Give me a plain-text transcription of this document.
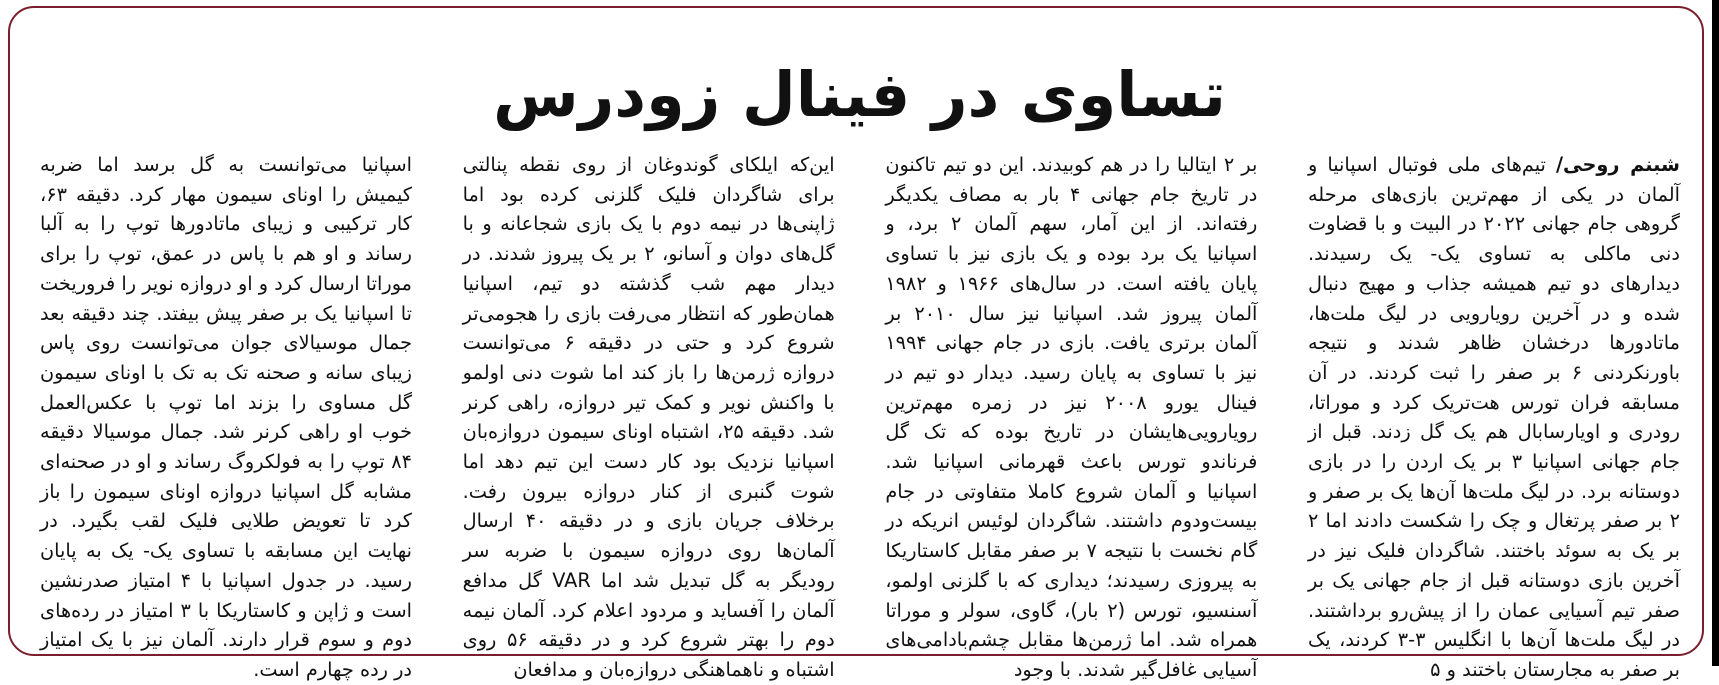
تساوی در فینال زودرس

شبنم روحی/ تیم‌های ملی فوتبال اسپانیا و آلمان در یکی از مهم‌ترین بازی‌های مرحله گروهی جام جهانی ۲۰۲۲ در البیت و با قضاوت دنی ماکلی به تساوی یک- یک رسیدند. دیدارهای دو تیم همیشه جذاب و مهیج دنبال شده و در آخرین رویارویی در لیگ ملت‌ها، ماتادورها درخشان ظاهر شدند و نتیجه باورنکردنی ۶ بر صفر را ثبت کردند. در آن مسابقه فران تورس هت‌تریک کرد و موراتا، رودری و اویارسابال هم یک گل زدند. قبل از جام جهانی اسپانیا ۳ بر یک اردن را در بازی دوستانه برد. در لیگ ملت‌ها آن‌ها یک بر صفر و ۲ بر صفر پرتغال و چک را شکست دادند اما ۲ بر یک به سوئد باختند. شاگردان فلیک نیز در آخرین بازی دوستانه قبل از جام جهانی یک بر صفر تیم آسیایی عمان را از پیش‌رو برداشتند. در لیگ ملت‌ها آن‌ها با انگلیس ۳-۳ کردند، یک بر صفر به مجارستان باختند و ۵

بر ۲ ایتالیا را در هم کوبیدند. این دو تیم تاکنون در تاریخ جام جهانی ۴ بار به مصاف یکدیگر رفته‌اند. از این آمار، سهم آلمان ۲ برد، و اسپانیا یک برد بوده و یک بازی نیز با تساوی پایان یافته است. در سال‌های ۱۹۶۶ و ۱۹۸۲ آلمان پیروز شد. اسپانیا نیز سال ۲۰۱۰ بر آلمان برتری یافت. بازی در جام جهانی ۱۹۹۴ نیز با تساوی به پایان رسید. دیدار دو تیم در فینال یورو ۲۰۰۸ نیز در زمره مهم‌ترین رویارویی‌هایشان در تاریخ بوده که تک گل فرناندو تورس باعث قهرمانی اسپانیا شد. اسپانیا و آلمان شروع کاملا متفاوتی در جام بیست‌ودوم داشتند. شاگردان لوئیس انریکه در گام نخست با نتیجه ۷ بر صفر مقابل کاستاریکا به پیروزی رسیدند؛ دیداری که با گلزنی اولمو، آسنسیو، تورس (۲ بار)، گاوی، سولر و موراتا همراه شد. اما ژرمن‌ها مقابل چشم‌بادامی‌های آسیایی غافل‌گیر شدند. با وجود

این‌که ایلکای گوندوغان از روی نقطه پنالتی برای شاگردان فلیک گلزنی کرده بود اما ژاپنی‌ها در نیمه دوم با یک بازی شجاعانه و با گل‌های دوان و آسانو، ۲ بر یک پیروز شدند. در دیدار مهم شب گذشته دو تیم، اسپانیا همان‌طور که انتظار می‌رفت بازی را هجومی‌تر شروع کرد و حتی در دقیقه ۶ می‌توانست دروازه ژرمن‌ها را باز کند اما شوت دنی اولمو با واکنش نویر و کمک تیر دروازه، راهی کرنر شد. دقیقه ۲۵، اشتباه اونای سیمون دروازه‌بان اسپانیا نزدیک بود کار دست این تیم دهد اما شوت گنبری از کنار دروازه بیرون رفت. برخلاف جریان بازی و در دقیقه ۴۰ ارسال آلمان‌ها روی دروازه سیمون با ضربه سر رودیگر به گل تبدیل شد اما VAR گل مدافع آلمان را آفساید و مردود اعلام کرد. آلمان نیمه دوم را بهتر شروع کرد و در دقیقه ۵۶ روی اشتباه و ناهماهنگی دروازه‌بان و مدافعان

اسپانیا می‌توانست به گل برسد اما ضربه کیمیش را اونای سیمون مهار کرد. دقیقه ۶۳، کار ترکیبی و زیبای ماتادورها توپ را به آلبا رساند و او هم با پاس در عمق، توپ را برای موراتا ارسال کرد و او دروازه نویر را فروریخت تا اسپانیا یک بر صفر پیش بیفتد. چند دقیقه بعد جمال موسیالای جوان می‌توانست روی پاس زیبای سانه و صحنه تک به تک با اونای سیمون گل مساوی را بزند اما توپ با عکس‌العمل خوب او راهی کرنر شد. جمال موسیالا دقیقه ۸۴ توپ را به فولکروگ رساند و او در صحنه‌ای مشابه گل اسپانیا دروازه اونای سیمون را باز کرد تا تعویض طلایی فلیک لقب بگیرد. در نهایت این مسابقه با تساوی یک- یک به پایان رسید. در جدول اسپانیا با ۴ امتیاز صدرنشین است و ژاپن و کاستاریکا با ۳ امتیاز در رده‌های دوم و سوم قرار دارند. آلمان نیز با یک امتیاز در رده چهارم است.
